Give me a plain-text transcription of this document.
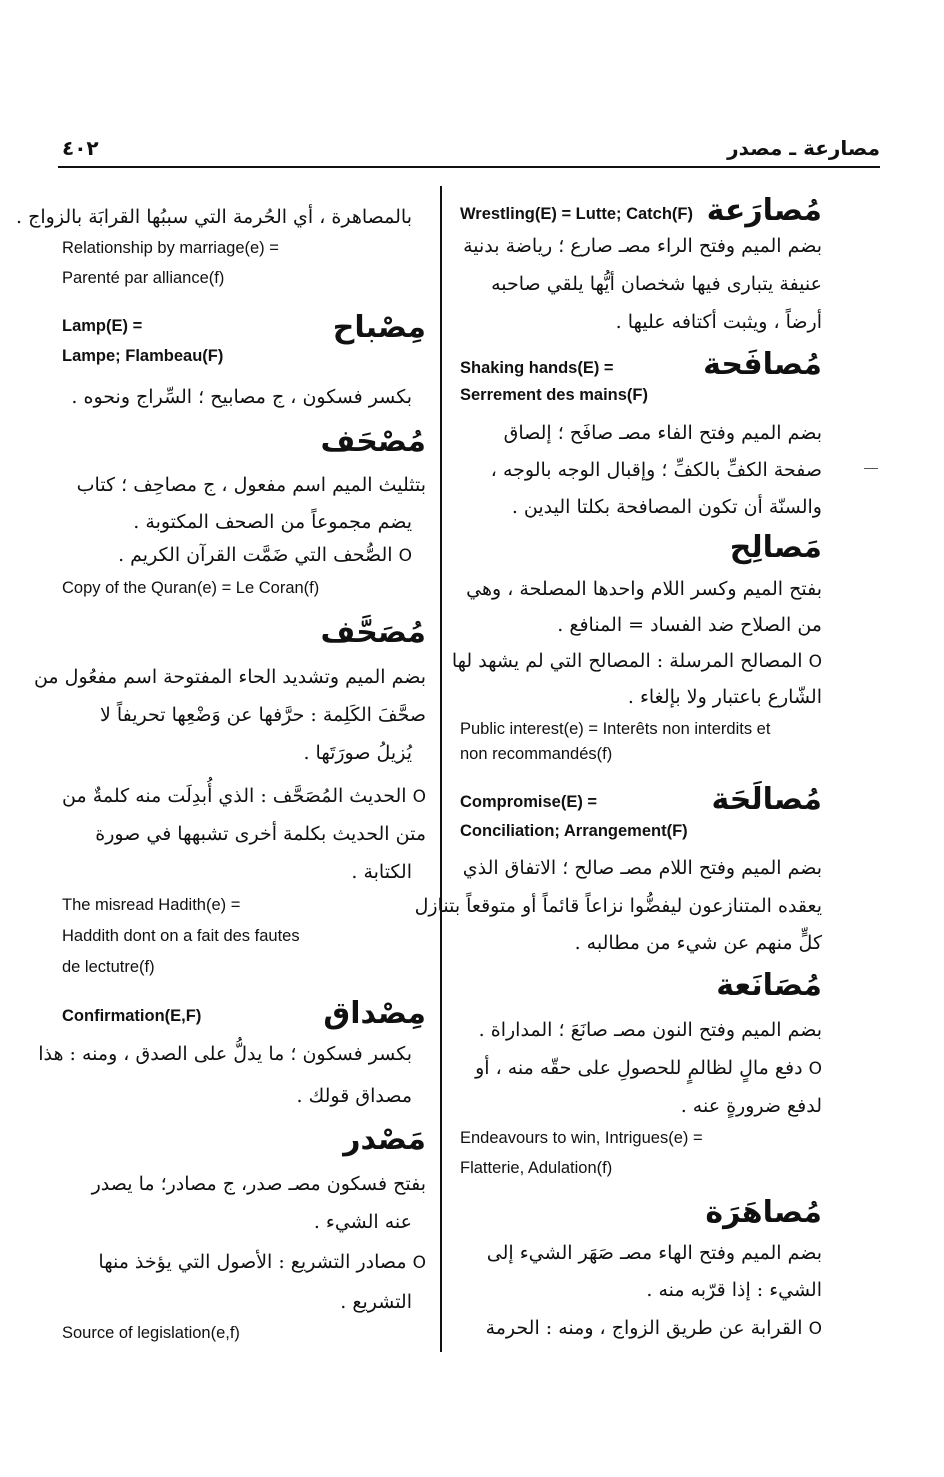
٤٠٢	مصارعة ـ مصدر
مُصارَعة
Wrestling(E) = Lutte; Catch(F)
بضم الميم وفتح الراء مصـ صارع ؛ رياضة بدنية
عنيفة يتبارى فيها شخصان أيُّها يلقي صاحبه
أرضاً ، ويثبت أكتافه عليها .
مُصافَحة
Shaking hands(E) =
Serrement des mains(F)
بضم الميم وفتح الفاء مصـ صافَح ؛ إلصاق
صفحة الكفِّ بالكفِّ ؛ وإقبال الوجه بالوجه ،
والسنّة أن تكون المصافحة بكلتا اليدين .
مَصالِح
بفتح الميم وكسر اللام واحدها المصلحة ، وهي
من الصلاح ضد الفساد = المنافع .
O المصالح المرسلة : المصالح التي لم يشهد لها
الشّارع باعتبار ولا بإلغاء .
Public interest(e) = Interêts non interdits et
non recommandés(f)
مُصالَحَة
Compromise(E) =
Conciliation; Arrangement(F)
بضم الميم وفتح اللام مصـ صالح ؛ الاتفاق الذي
يعقده المتنازعون ليفضُّوا نزاعاً قائماً أو متوقعاً بتنازل
كلٍّ منهم عن شيء من مطالبه .
مُصَانَعة
بضم الميم وفتح النون مصـ صانَعَ ؛ المداراة .
O دفع مالٍ لظالمٍ للحصولِ على حقّه منه ، أو
لدفع ضرورةٍ عنه .
Endeavours to win, Intrigues(e) =
Flatterie, Adulation(f)
مُصاهَرَة
بضم الميم وفتح الهاء مصـ صَهَر الشيء إلى
الشيء : إذا قرّبه منه .
O القرابة عن طريق الزواج ، ومنه : الحرمة
بالمصاهرة ، أي الحُرمة التي سببُها القرابَة بالزواج .
Relationship by marriage(e) =
Parenté par alliance(f)
مِصْباح
Lamp(E) =
Lampe; Flambeau(F)
بكسر فسكون ، ج مصابيح ؛ السِّراج ونحوه .
مُصْحَف
بتثليث الميم اسم مفعول ، ج مصاحِف ؛ كتاب
يضم مجموعاً من الصحف المكتوبة .
O الصُّحف التي ضَمَّت القرآن الكريم .
Copy of the Quran(e) = Le Coran(f)
مُصَحَّف
بضم الميم وتشديد الحاء المفتوحة اسم مفعُول من
صحَّفَ الكَلِمة : حرَّفها عن وَضْعِها تحريفاً لا
يُزيلُ صورَتَها .
O الحديث المُصَحَّف : الذي أُبدِلَت منه كلمةٌ من
متن الحديث بكلمة أخرى تشبهها في صورة
الكتابة .
The misread Hadith(e) =
Haddith dont on a fait des fautes
de lectutre(f)
مِصْداق
Confirmation(E,F)
بكسر فسكون ؛ ما يدلُّ على الصدق ، ومنه : هذا
مصداق قولك .
مَصْدر
بفتح فسكون مصـ صدر، ج مصادر؛ ما يصدر
عنه الشيء .
O مصادر التشريع : الأصول التي يؤخذ منها
التشريع .
Source of legislation(e,f)
